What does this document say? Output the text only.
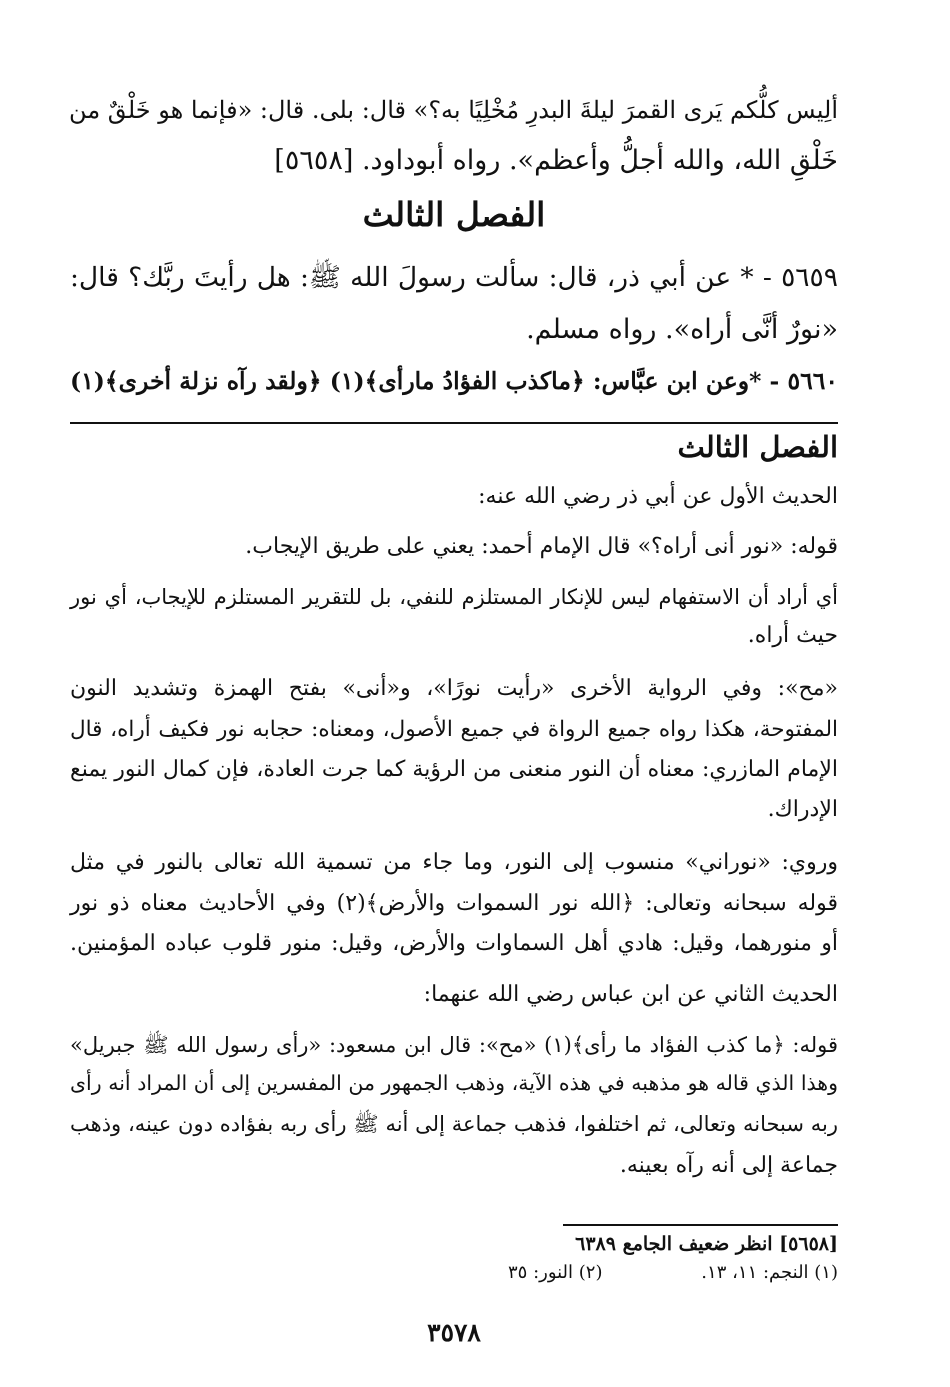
ألِيس كلُّكم يَرى القمرَ ليلةَ البدرِ مُخْلِيًا به؟» قال: بلى. قال: «فإنما هو خَلْقٌ من
خَلْقِ الله، والله أجلُّ وأعظم». رواه أبوداود. [٥٦٥٨]
الفصل الثالث
٥٦٥٩ - * عن أبي ذر، قال: سألت رسولَ الله ﷺ: هل رأيتَ ربَّك؟ قال:
«نورٌ أنَّى أراه». رواه مسلم.
٥٦٦٠ - *وعن ابن عبَّاس: ﴿ماكذب الفؤادُ مارأى﴾(١) ﴿ولقد رآه نزلة أخرى﴾(١)
الفصل الثالث
الحديث الأول عن أبي ذر رضي الله عنه:
قوله: «نور أنى أراه؟» قال الإمام أحمد: يعني على طريق الإيجاب.
أي أراد أن الاستفهام ليس للإنكار المستلزم للنفي، بل للتقرير المستلزم للإيجاب، أي نور
حيث أراه.
«مح»: وفي الرواية الأخرى «رأيت نورًا»، و«أنى» بفتح الهمزة وتشديد النون
المفتوحة، هكذا رواه جميع الرواة في جميع الأصول، ومعناه: حجابه نور فكيف أراه، قال
الإمام المازري: معناه أن النور منعنى من الرؤية كما جرت العادة، فإن كمال النور يمنع
الإدراك.
وروي: «نوراني» منسوب إلى النور، وما جاء من تسمية الله تعالى بالنور في مثل
قوله سبحانه وتعالى: ﴿الله نور السموات والأرض﴾(٢) وفي الأحاديث معناه ذو نور
أو منورهما، وقيل: هادي أهل السماوات والأرض، وقيل: منور قلوب عباده المؤمنين.
الحديث الثاني عن ابن عباس رضي الله عنهما:
قوله: ﴿ما كذب الفؤاد ما رأى﴾(١) «مح»: قال ابن مسعود: «رأى رسول الله ﷺ جبريل»
وهذا الذي قاله هو مذهبه في هذه الآية، وذهب الجمهور من المفسرين إلى أن المراد أنه رأى
ربه سبحانه وتعالى، ثم اختلفوا، فذهب جماعة إلى أنه ﷺ رأى ربه بفؤاده دون عينه، وذهب
جماعة إلى أنه رآه بعينه.
[٥٦٥٨] انظر ضعيف الجامع ٦٣٨٩
(١) النجم: ١١، ١٣.
(٢) النور: ٣٥
٣٥٧٨
